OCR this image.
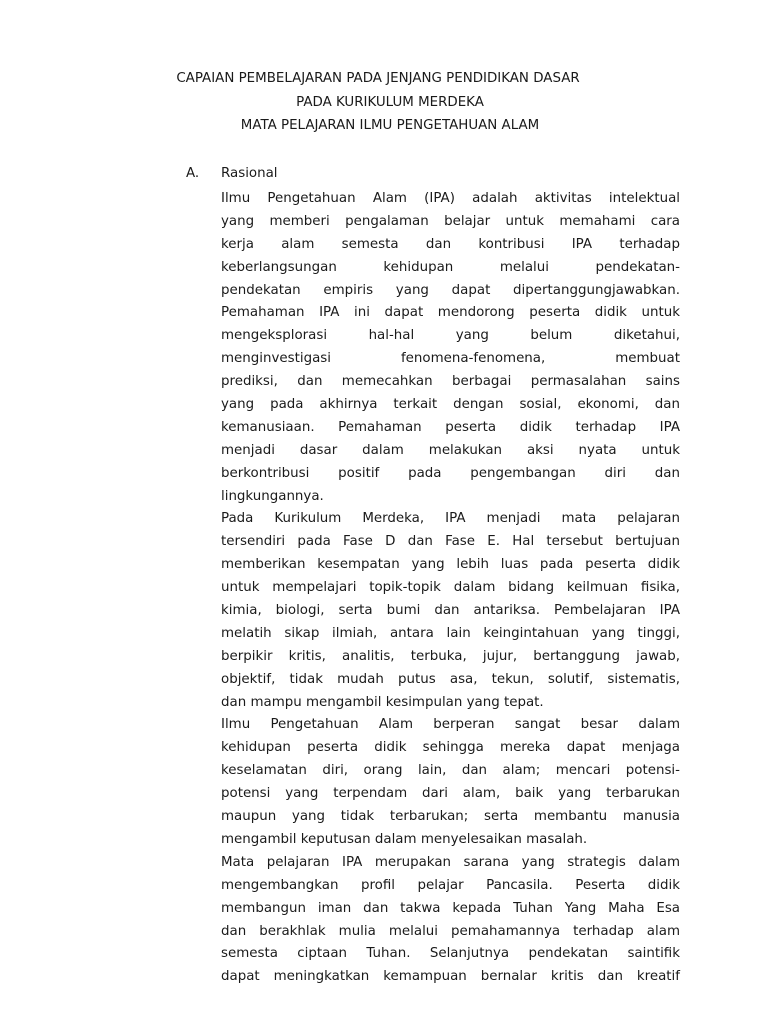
CAPAIAN PEMBELAJARAN PADA JENJANG PENDIDIKAN DASAR
PADA KURIKULUM MERDEKA
MATA PELAJARAN ILMU PENGETAHUAN ALAM
A. Rasional
Ilmu Pengetahuan Alam (IPA) adalah aktivitas intelektual
yang memberi pengalaman belajar untuk memahami cara
kerja alam semesta dan kontribusi IPA terhadap
keberlangsungan kehidupan melalui pendekatan-
pendekatan empiris yang dapat dipertanggungjawabkan.
Pemahaman IPA ini dapat mendorong peserta didik untuk
mengeksplorasi hal-hal yang belum diketahui,
menginvestigasi fenomena-fenomena, membuat
prediksi, dan memecahkan berbagai permasalahan sains
yang pada akhirnya terkait dengan sosial, ekonomi, dan
kemanusiaan. Pemahaman peserta didik terhadap IPA
menjadi dasar dalam melakukan aksi nyata untuk
berkontribusi positif pada pengembangan diri dan
lingkungannya.
Pada Kurikulum Merdeka, IPA menjadi mata pelajaran
tersendiri pada Fase D dan Fase E. Hal tersebut bertujuan
memberikan kesempatan yang lebih luas pada peserta didik
untuk mempelajari topik-topik dalam bidang keilmuan fisika,
kimia, biologi, serta bumi dan antariksa. Pembelajaran IPA
melatih sikap ilmiah, antara lain keingintahuan yang tinggi,
berpikir kritis, analitis, terbuka, jujur, bertanggung jawab,
objektif, tidak mudah putus asa, tekun, solutif, sistematis,
dan mampu mengambil kesimpulan yang tepat.
Ilmu Pengetahuan Alam berperan sangat besar dalam
kehidupan peserta didik sehingga mereka dapat menjaga
keselamatan diri, orang lain, dan alam; mencari potensi-
potensi yang terpendam dari alam, baik yang terbarukan
maupun yang tidak terbarukan; serta membantu manusia
mengambil keputusan dalam menyelesaikan masalah.
Mata pelajaran IPA merupakan sarana yang strategis dalam
mengembangkan profil pelajar Pancasila. Peserta didik
membangun iman dan takwa kepada Tuhan Yang Maha Esa
dan berakhlak mulia melalui pemahamannya terhadap alam
semesta ciptaan Tuhan. Selanjutnya pendekatan saintifik
dapat meningkatkan kemampuan bernalar kritis dan kreatif
